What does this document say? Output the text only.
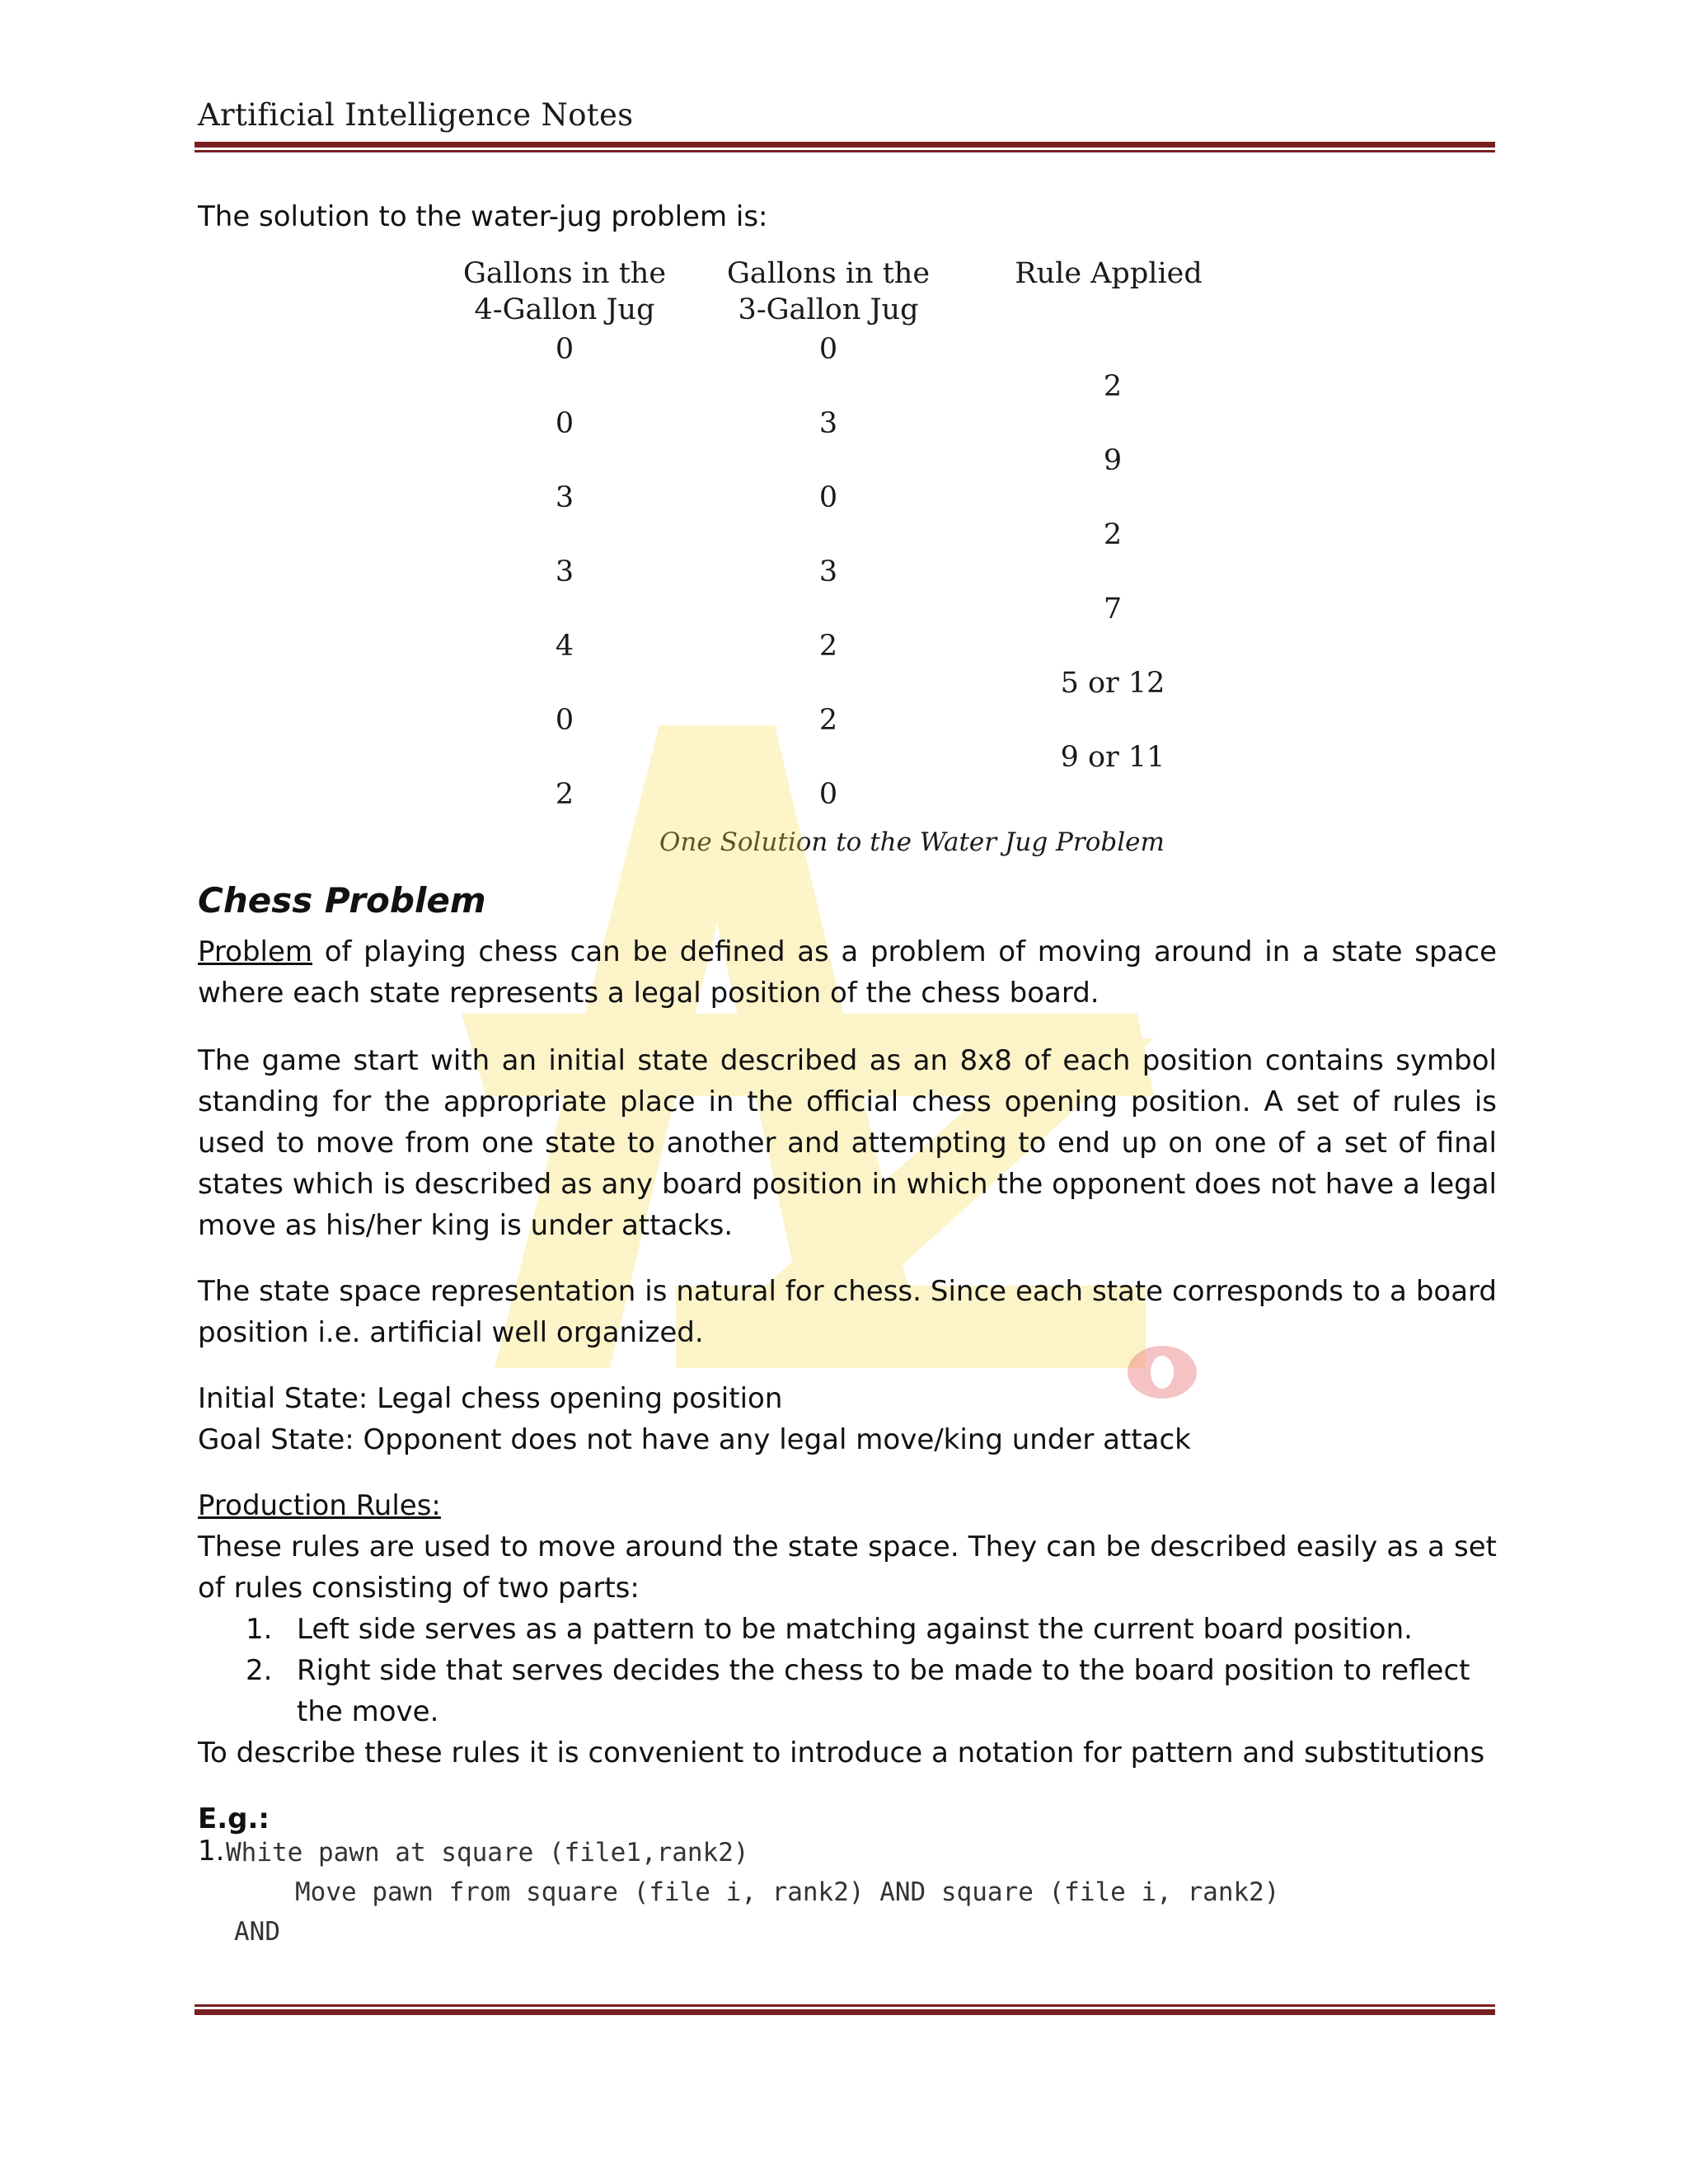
Artificial Intelligence Notes
The solution to the water-jug problem is:
Gallons in the
4-Gallon Jug
Gallons in the
3-Gallon Jug
Rule Applied
0
0
3
3
4
0
2
0
3
0
3
2
2
0
2
9
2
7
5 or 12
9 or 11
One Solution to the Water Jug Problem
Chess Problem

Problem of playing chess can be defined as a problem of moving around in a state space where each state represents a legal position of the chess board.

The game start with an initial state described as an 8x8 of each position contains symbol standing for the appropriate place in the official chess opening position. A set of rules is used to move from one state to another and attempting to end up on one of a set of final states which is described as any board position in which the opponent does not have a legal move as his/her king is under attacks.

The state space representation is natural for chess. Since each state corresponds to a board position i.e. artificial well organized.

Initial State: Legal chess opening position
Goal State: Opponent does not have any legal move/king under attack
Production Rules:

These rules are used to move around the state space. They can be described easily as a set of rules consisting of two parts:

1. Left side serves as a pattern to be matching against the current board position.
2. Right side that serves decides the chess to be made to the board position to reflect the move.
To describe these rules it is convenient to introduce a notation for pattern and substitutions
E.g.:
1. White pawn at square (file1,rank2)
Move pawn from square (file i, rank2) AND square (file i, rank2)
AND
